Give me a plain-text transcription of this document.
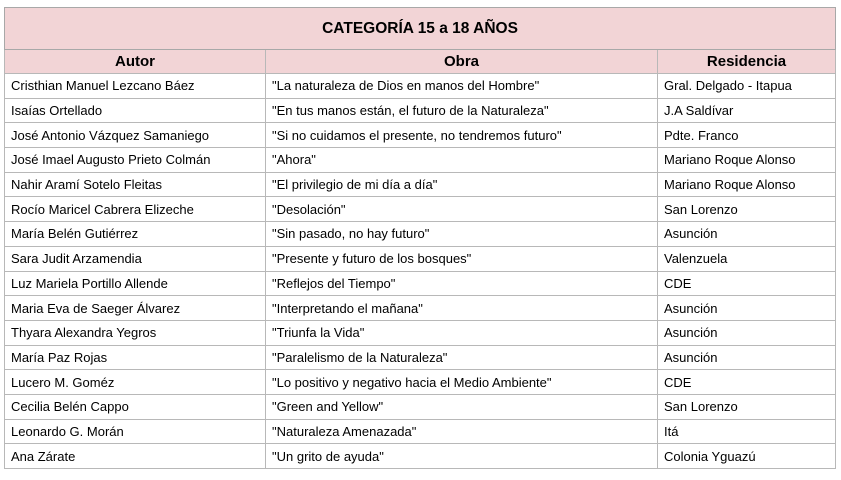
CATEGORÍA 15 a 18 AÑOS		
Autor	Obra	Residencia
Cristhian Manuel Lezcano Báez	"La naturaleza de Dios en manos del Hombre"	Gral. Delgado - Itapua
Isaías Ortellado	"En tus manos están, el futuro de la Naturaleza"	J.A Saldívar
José Antonio Vázquez Samaniego	"Si no cuidamos el presente, no tendremos futuro"	Pdte. Franco
José Imael Augusto Prieto Colmán	"Ahora"	Mariano Roque Alonso
Nahir Aramí Sotelo Fleitas	"El privilegio de mi día a día"	Mariano Roque Alonso
Rocío Maricel Cabrera Elizeche	"Desolación"	San Lorenzo
María Belén Gutiérrez	"Sin pasado, no hay futuro"	Asunción
Sara Judit Arzamendia	"Presente y futuro de los bosques"	Valenzuela
Luz Mariela Portillo Allende	"Reflejos del Tiempo"	CDE
Maria Eva de Saeger Álvarez	"Interpretando el mañana"	Asunción
Thyara Alexandra Yegros	"Triunfa la Vida"	Asunción
María Paz Rojas	"Paralelismo de la Naturaleza"	Asunción
Lucero M. Goméz	"Lo positivo y negativo hacia el Medio Ambiente"	CDE
Cecilia Belén Cappo	"Green and Yellow"	San Lorenzo
Leonardo G. Morán	"Naturaleza Amenazada"	Itá
Ana Zárate	"Un grito de ayuda"	Colonia Yguazú
